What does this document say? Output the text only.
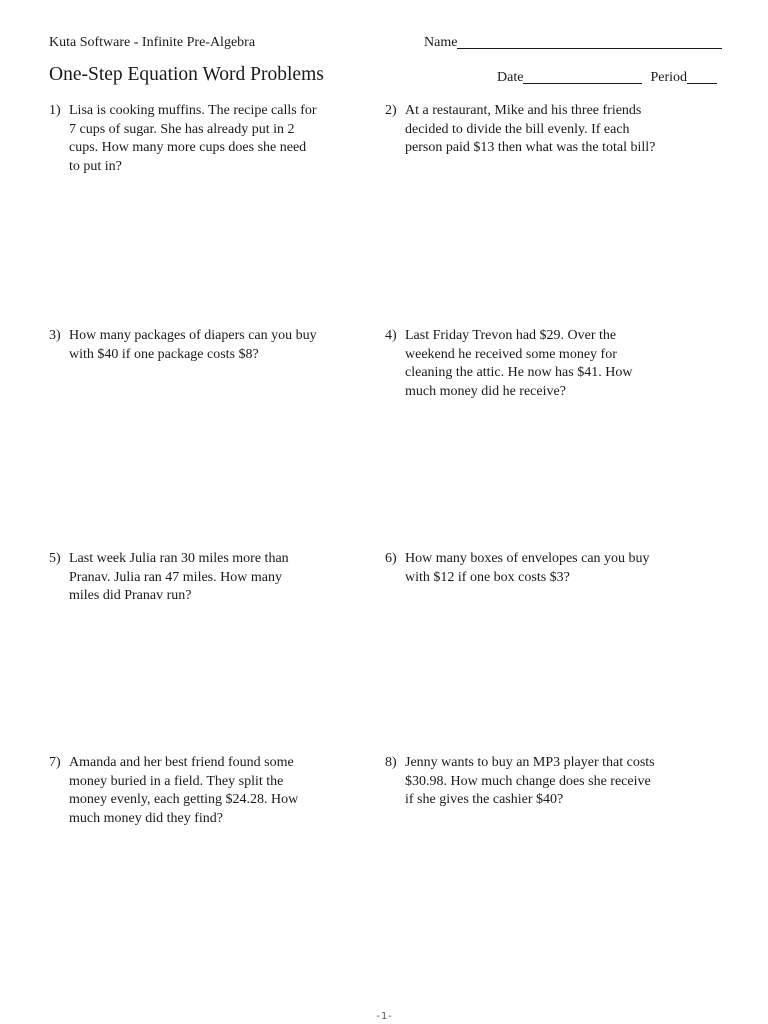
Kuta Software - Infinite Pre-Algebra
One-Step Equation Word Problems
Name
Date	Period
1) Lisa is cooking muffins. The recipe calls for
7 cups of sugar. She has already put in 2
cups. How many more cups does she need
to put in?
2) At a restaurant, Mike and his three friends
decided to divide the bill evenly. If each
person paid $13 then what was the total bill?
3) How many packages of diapers can you buy
with $40 if one package costs $8?
4) Last Friday Trevon had $29. Over the
weekend he received some money for
cleaning the attic. He now has $41. How
much money did he receive?
5) Last week Julia ran 30 miles more than
Pranav. Julia ran 47 miles. How many
miles did Pranav run?
6) How many boxes of envelopes can you buy
with $12 if one box costs $3?
7) Amanda and her best friend found some
money buried in a field. They split the
money evenly, each getting $24.28. How
much money did they find?
8) Jenny wants to buy an MP3 player that costs
$30.98. How much change does she receive
if she gives the cashier $40?
-1-
